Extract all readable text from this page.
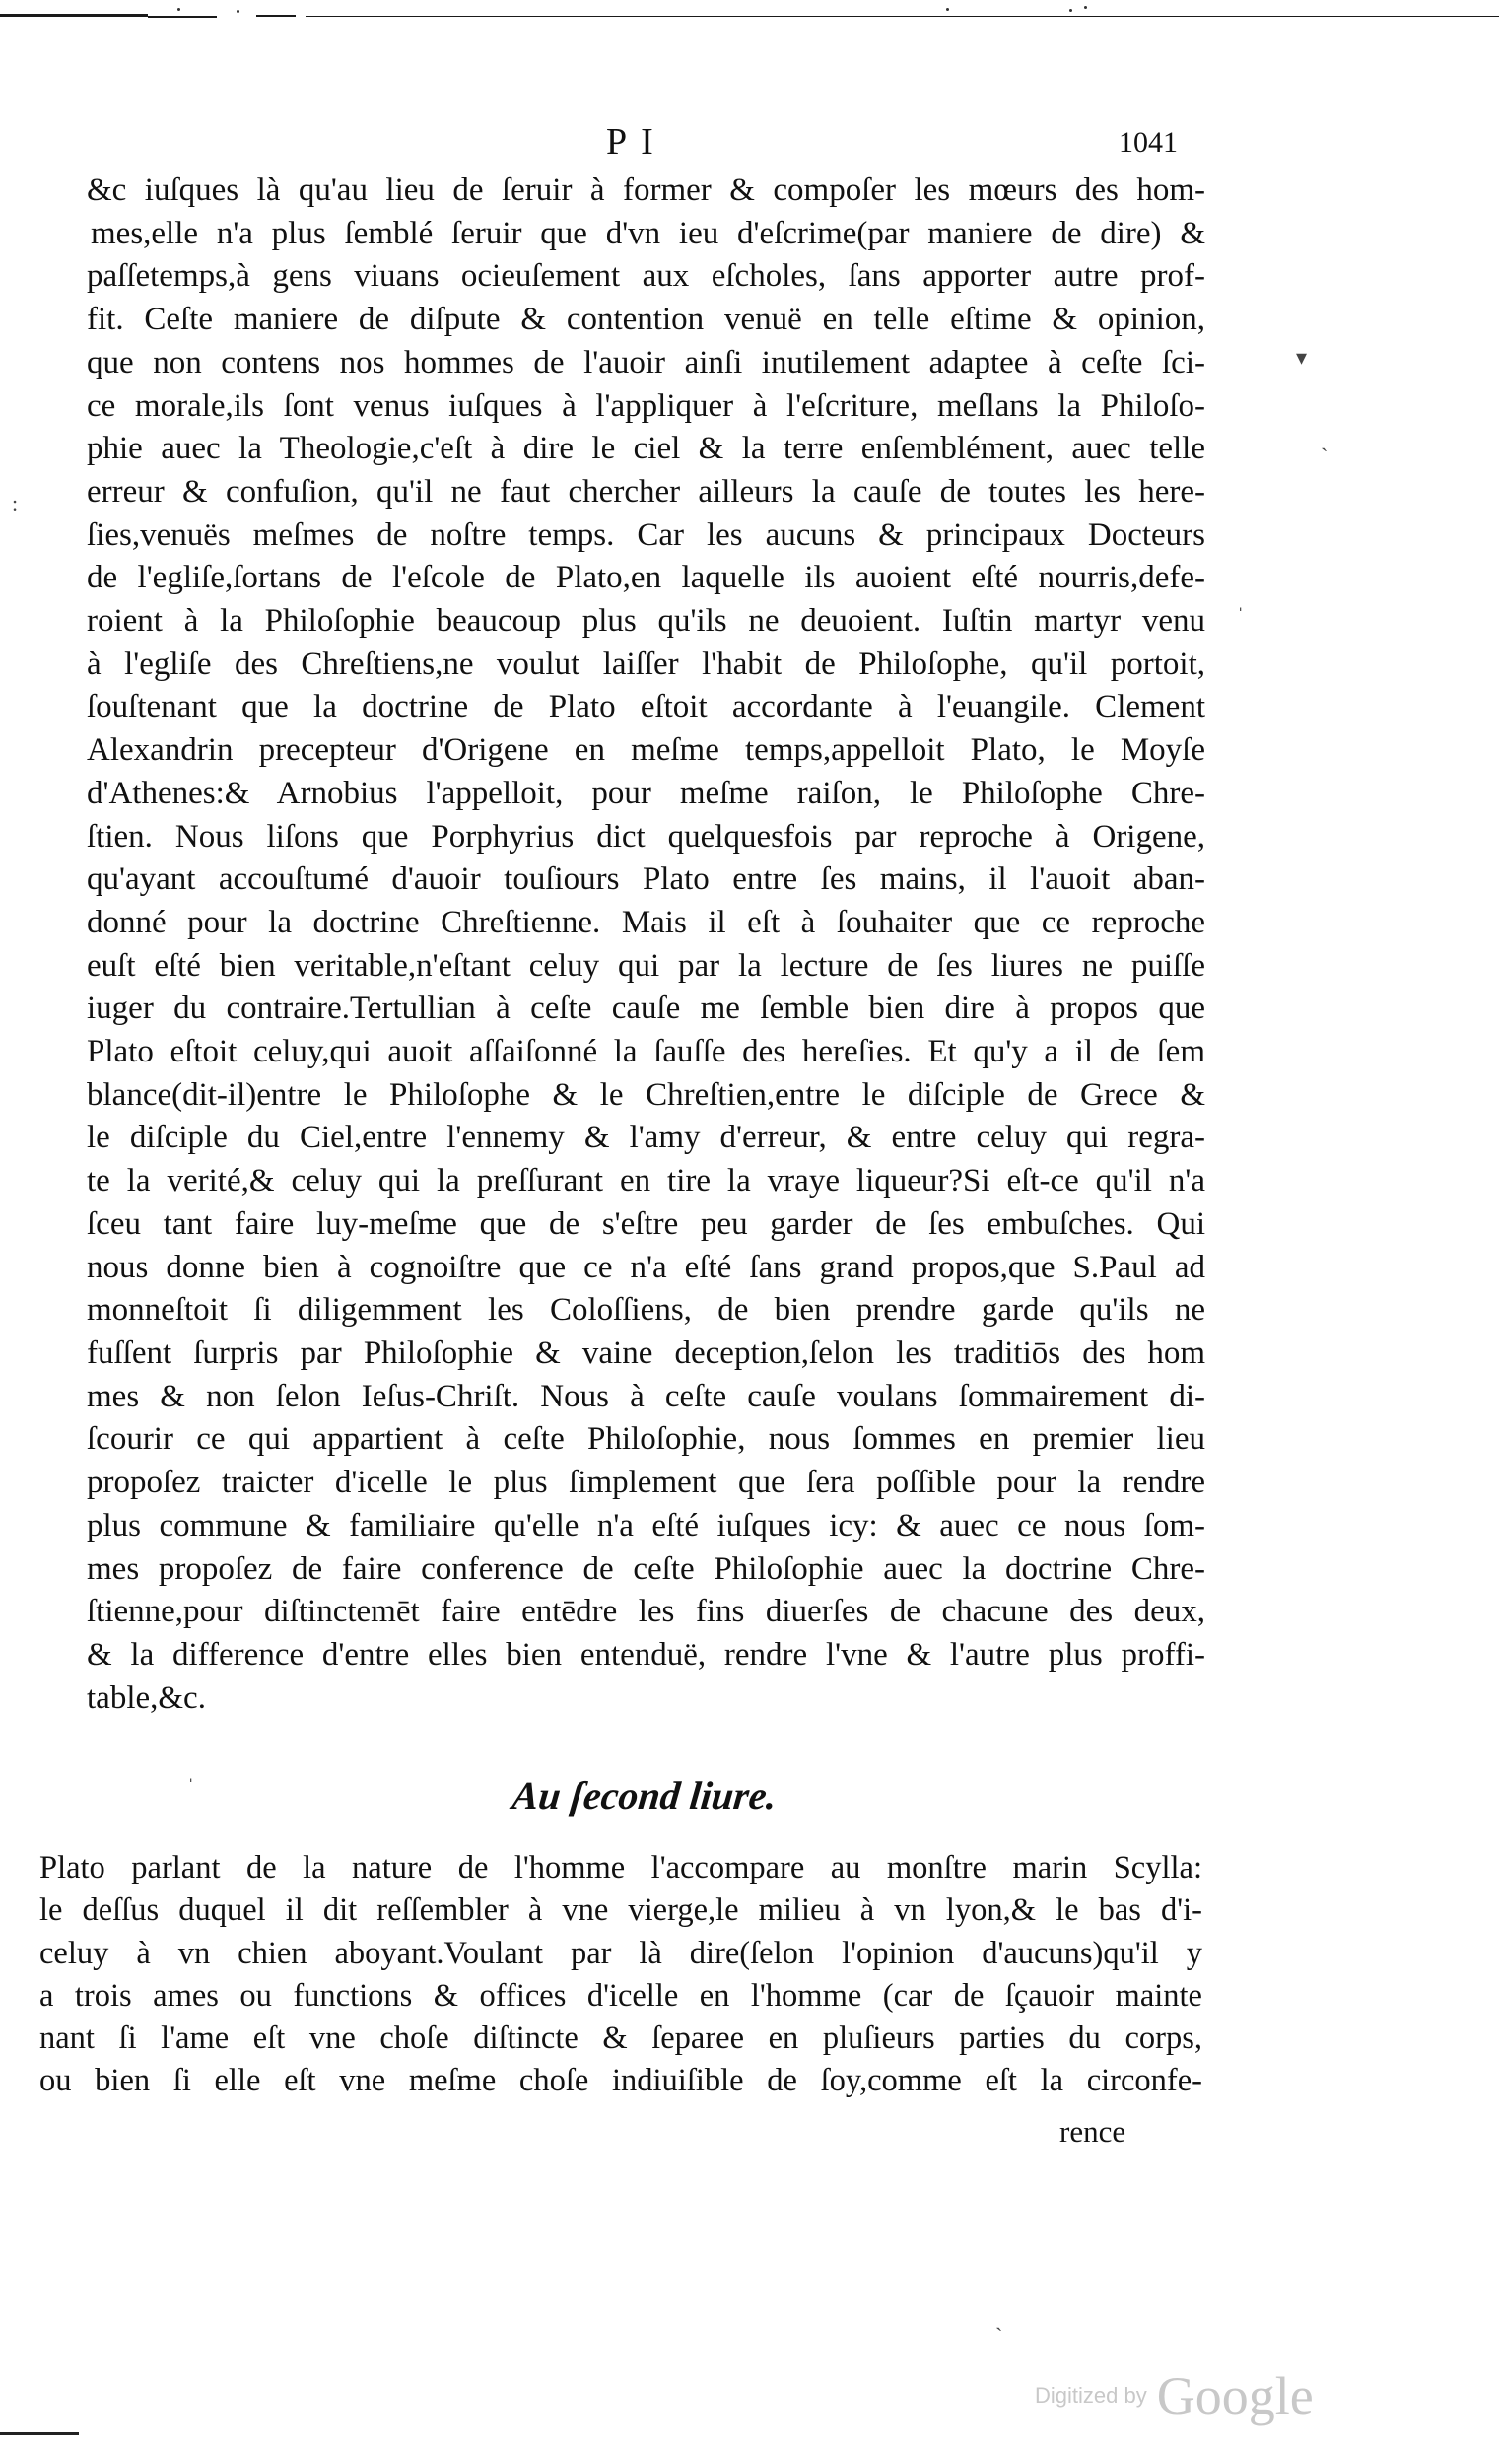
PI	1041
&c iuſques là qu'au lieu de ſeruir à former & compoſer les mœurs des hom-
mes,elle n'a plus ſemblé ſeruir que d'vn ieu d'eſcrime(par maniere de dire) &
paſſetemps,à gens viuans ocieuſement aux eſcholes, ſans apporter autre prof-
fit. Ceſte maniere de diſpute & contention venuë en telle eſtime & opinion,
que non contens nos hommes de l'auoir ainſi inutilement adaptee à ceſte ſci-
ce morale,ils ſont venus iuſques à l'appliquer à l'eſcriture, meſlans la Philoſo-
phie auec la Theologie,c'eſt à dire le ciel & la terre enſemblément, auec telle
erreur & confuſion, qu'il ne faut chercher ailleurs la cauſe de toutes les here-
ſies,venuës meſmes de noſtre temps. Car les aucuns & principaux Docteurs
de l'egliſe,ſortans de l'eſcole de Plato,en laquelle ils auoient eſté nourris,defe-
roient à la Philoſophie beaucoup plus qu'ils ne deuoient. Iuſtin martyr venu
à l'egliſe des Chreſtiens,ne voulut laiſſer l'habit de Philoſophe, qu'il portoit,
ſouſtenant que la doctrine de Plato eſtoit accordante à l'euangile. Clement
Alexandrin precepteur d'Origene en meſme temps,appelloit Plato, le Moyſe
d'Athenes:& Arnobius l'appelloit, pour meſme raiſon, le Philoſophe Chre-
ſtien. Nous liſons que Porphyrius dict quelquesfois par reproche à Origene,
qu'ayant accouſtumé d'auoir touſiours Plato entre ſes mains, il l'auoit aban-
donné pour la doctrine Chreſtienne. Mais il eſt à ſouhaiter que ce reproche
euſt eſté bien veritable,n'eſtant celuy qui par la lecture de ſes liures ne puiſſe
iuger du contraire.Tertullian à ceſte cauſe me ſemble bien dire à propos que
Plato eſtoit celuy,qui auoit aſſaiſonné la ſauſſe des hereſies. Et qu'y a il de ſem
blance(dit-il)entre le Philoſophe & le Chreſtien,entre le diſciple de Grece &
le diſciple du Ciel,entre l'ennemy & l'amy d'erreur, & entre celuy qui regra-
te la verité,& celuy qui la preſſurant en tire la vraye liqueur?Si eſt-ce qu'il n'a
ſceu tant faire luy-meſme que de s'eſtre peu garder de ſes embuſches. Qui
nous donne bien à cognoiſtre que ce n'a eſté ſans grand propos,que S.Paul ad
monneſtoit ſi diligemment les Coloſſiens, de bien prendre garde qu'ils ne
fuſſent ſurpris par Philoſophie & vaine deception,ſelon les traditiōs des hom
mes & non ſelon Ieſus-Chriſt. Nous à ceſte cauſe voulans ſommairement di-
ſcourir ce qui appartient à ceſte Philoſophie, nous ſommes en premier lieu
propoſez traicter d'icelle le plus ſimplement que ſera poſſible pour la rendre
plus commune & familiaire qu'elle n'a eſté iuſques icy: & auec ce nous ſom-
mes propoſez de faire conference de ceſte Philoſophie auec la doctrine Chre-
ſtienne,pour diſtinctemēt faire entēdre les fins diuerſes de chacune des deux,
& la difference d'entre elles bien entenduë, rendre l'vne & l'autre plus proffi-
table,&c.
Au ſecond liure.
Plato parlant de la nature de l'homme l'accompare au monſtre marin Scylla:
le deſſus duquel il dit reſſembler à vne vierge,le milieu à vn lyon,& le bas d'i-
celuy à vn chien aboyant.Voulant par là dire(ſelon l'opinion d'aucuns)qu'il y
a trois ames ou functions & offices d'icelle en l'homme (car de ſçauoir mainte
nant ſi l'ame eſt vne choſe diſtincte & ſeparee en pluſieurs parties du corps,
ou bien ſi elle eſt vne meſme choſe indiuiſible de ſoy,comme eſt la circonfe-
rence
▾
:
ˋ
ˈ
ˈ
ˏ
Digitized by Google
